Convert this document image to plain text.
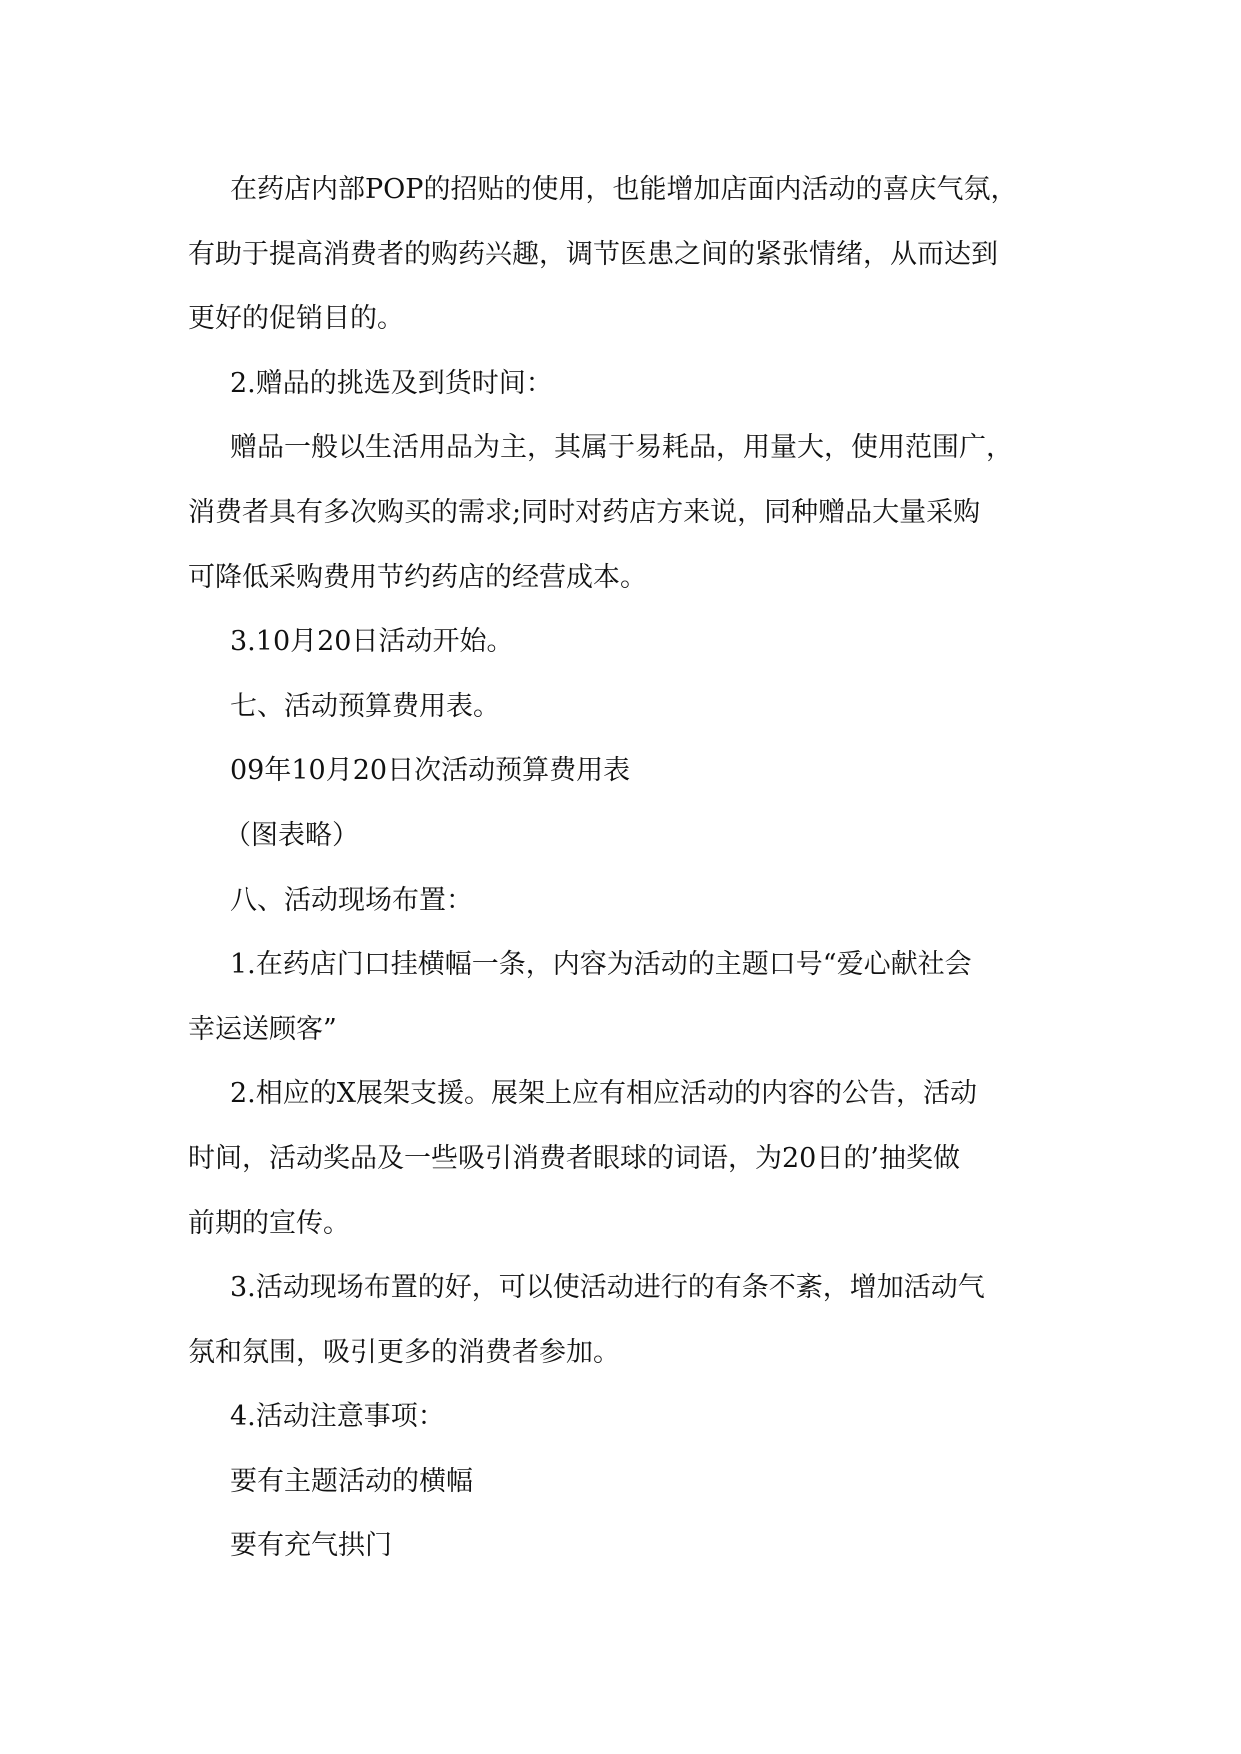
在药店内部POP的招贴的使用，也能增加店面内活动的喜庆气氛，
有助于提高消费者的购药兴趣，调节医患之间的紧张情绪，从而达到
更好的促销目的。
2.赠品的挑选及到货时间：
赠品一般以生活用品为主，其属于易耗品，用量大，使用范围广，
消费者具有多次购买的需求;同时对药店方来说，同种赠品大量采购
可降低采购费用节约药店的经营成本。
3.10月20日活动开始。
七、活动预算费用表。
09年10月20日次活动预算费用表
（图表略）
八、活动现场布置：
1.在药店门口挂横幅一条，内容为活动的主题口号“爱心献社会
幸运送顾客”
2.相应的X展架支援。展架上应有相应活动的内容的公告，活动
时间，活动奖品及一些吸引消费者眼球的词语，为20日的’抽奖做
前期的宣传。
3.活动现场布置的好，可以使活动进行的有条不紊，增加活动气
氛和氛围，吸引更多的消费者参加。
4.活动注意事项：
要有主题活动的横幅
要有充气拱门
